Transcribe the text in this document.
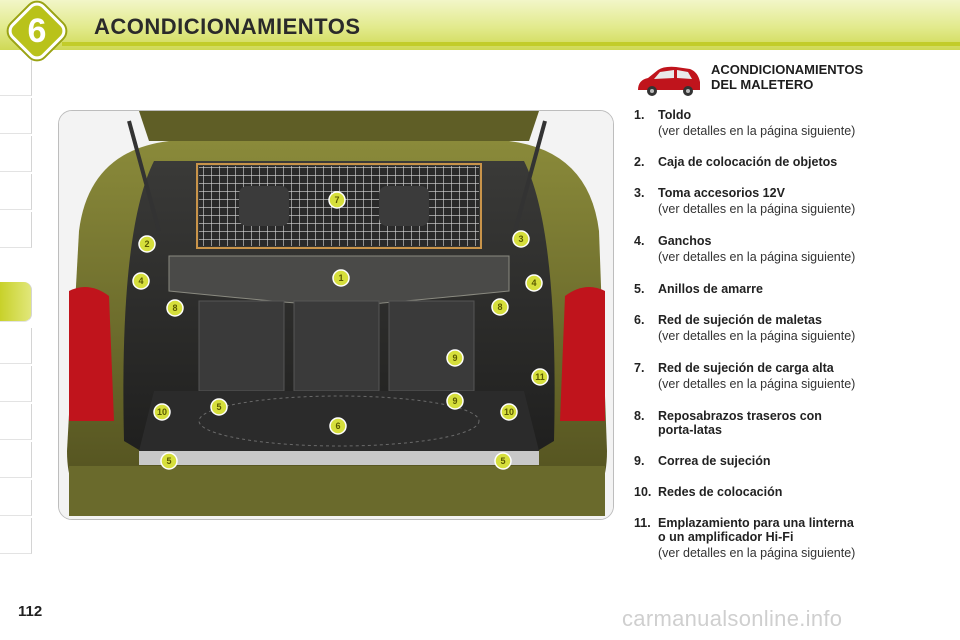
6	ACONDICIONAMIENTOS
1
2	3
4	4
5
5	5
6
7
8	8
9
9
10	10
11
ACONDICIONAMIENTOS
DEL MALETERO
1. Toldo
(ver detalles en la página siguiente)
2. Caja de colocación de objetos
3. Toma accesorios 12V
(ver detalles en la página siguiente)
4. Ganchos
(ver detalles en la página siguiente)
5. Anillos de amarre
6. Red de sujeción de maletas
(ver detalles en la página siguiente)
7. Red de sujeción de carga alta
(ver detalles en la página siguiente)
8. Reposabrazos traseros con
porta-latas
9. Correa de sujeción
10. Redes de colocación
11. Emplazamiento para una linterna
o un amplificador Hi-Fi
(ver detalles en la página siguiente)
112	carmanualsonline.info
